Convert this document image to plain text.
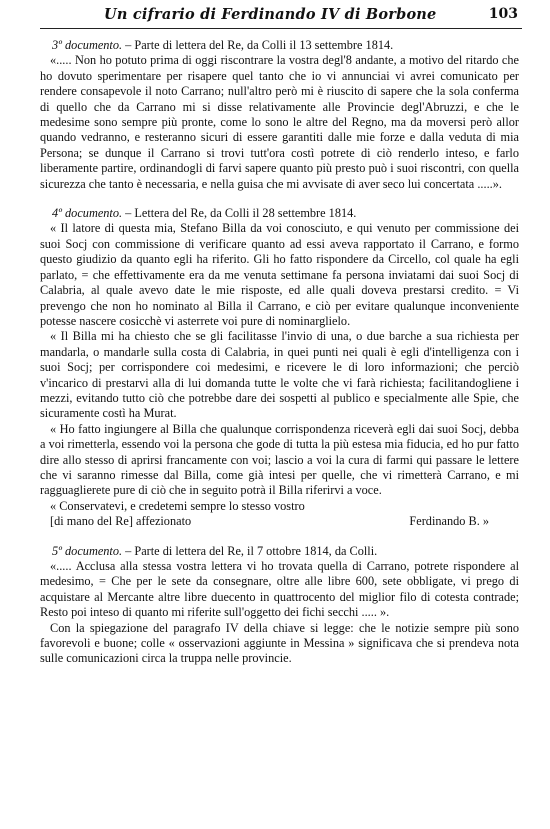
Un cifrario di Ferdinando IV di Borbone	103

3º documento. – Parte di lettera del Re, da Colli il 13 settembre 1814.

«..... Non ho potuto prima di oggi riscontrare la vostra degl'8 andante, a motivo del ritardo che ho dovuto sperimentare per risapere quel tanto che io vi annunciai vi avrei comunicato per rendere consapevole il noto Carrano; null'altro però mi è riuscito di sapere che la sola conferma di quello che da Carrano mi si disse relativamente alle Provincie degl'Abruzzi, e che le medesime sono sempre più pronte, come lo sono le altre del Regno, ma da moversi però allor quando vedranno, e resteranno sicuri di essere garantiti dalle mie forze e dalla veduta di mia Persona; se dunque il Carrano si trovi tutt'ora costì potrete di ciò renderlo inteso, e farlo liberamente partire, ordinandogli di farvi sapere quanto più presto può i suoi riscontri, con quella sicurezza che tanto è necessaria, e nella guisa che mi avvisate di aver seco lui concertata .....».

4º documento. – Lettera del Re, da Colli il 28 settembre 1814.

« Il latore di questa mia, Stefano Billa da voi conosciuto, e qui venuto per commissione dei suoi Socj con commissione di verificare quanto ad essi aveva rapportato il Carrano, e formo questo giudizio da quanto egli ha riferito. Gli ho fatto rispondere da Circello, col quale ha egli parlato, = che effettivamente era da me venuta settimane fa persona inviatami dai suoi Socj di Calabria, al quale avevo date le mie risposte, ed alle quali doveva prestarsi credito. = Vi prevengo che non ho nominato al Billa il Carrano, e ciò per evitare qualunque inconveniente potesse nascere cosicchè vi asterrete voi pure di nominarglielo.

« Il Billa mi ha chiesto che se gli facilitasse l'invio di una, o due barche a sua richiesta per mandarla, o mandarle sulla costa di Calabria, in quei punti nei quali è egli d'intelligenza con i suoi Socj; per corrispondere coi medesimi, e ricevere le di loro informazioni; che perciò v'incarico di prestarvi alla di lui domanda tutte le volte che vi farà richiesta; facilitandogliene i mezzi, evitando tutto ciò che potrebbe dare dei sospetti al publico e specialmente alle Spie, che sicuramente costì ha Murat.

« Ho fatto ingiungere al Billa che qualunque corrispondenza riceverà egli dai suoi Socj, debba a voi rimetterla, essendo voi la persona che gode di tutta la più estesa mia fiducia, ed ho pur fatto dire allo stesso di aprirsi francamente con voi; lascio a voi la cura di farmi qui passare le lettere che vi saranno rimesse dal Billa, come già intesi per quelle, che vi rimetterà Carrano, e mi ragguaglierete pure di ciò che in seguito potrà il Billa riferirvi a voce.

« Conservatevi, e credetemi sempre lo stesso vostro

[di mano del Re] affezionato	Ferdinando B. »

5º documento. – Parte di lettera del Re, il 7 ottobre 1814, da Colli.

«..... Acclusa alla stessa vostra lettera vi ho trovata quella di Carrano, potrete rispondere al medesimo, = Che per le sete da consegnare, oltre alle libre 600, sete obbligate, vi prego di acquistare al Mercante altre libre duecento in quattrocento del miglior filo di cotesta contrade; Resto poi inteso di quanto mi riferite sull'oggetto dei fichi secchi ..... ».

Con la spiegazione del paragrafo IV della chiave si legge: che le notizie sempre più sono favorevoli e buone; colle « osservazioni aggiunte in Messina » significava che si prendeva nota sulle comunicazioni circa la truppa nelle provincie.
